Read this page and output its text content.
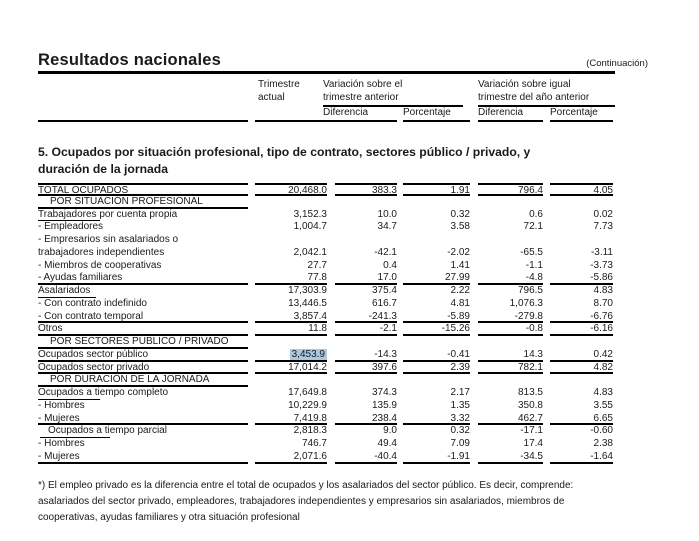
Resultados nacionales	(Continuación)
Trimestre
actual
Variación sobre el
trimestre anterior
Variación sobre igual
trimestre del año anterior
Diferencia	Porcentaje	Diferencia	Porcentaje
5. Ocupados por situación profesional, tipo de contrato, sectores público / privado, y
duración de la jornada
TOTAL OCUPADOS	20,468.0	383.3	1.91	796.4	4.05
POR SITUACIÓN PROFESIONAL
Trabajadores por cuenta propia	3,152.3	10.0	0.32	0.6	0.02
- Empleadores	1,004.7	34.7	3.58	72.1	7.73
- Empresarios sin asalariados o
trabajadores independientes	2,042.1	-42.1	-2.02	-65.5	-3.11
- Miembros de cooperativas	27.7	0.4	1.41	-1.1	-3.73
- Ayudas familiares	77.8	17.0	27.99	-4.8	-5.86
Asalariados	17,303.9	375.4	2.22	796.5	4.83
- Con contrato indefinido	13,446.5	616.7	4.81	1,076.3	8.70
- Con contrato temporal	3,857.4	-241.3	-5.89	-279.8	-6.76
Otros	11.8	-2.1	-15.26	-0.8	-6.16
POR SECTORES PÚBLICO / PRIVADO
Ocupados sector público	3,453.9	-14.3	-0.41	14.3	0.42
Ocupados sector privado	17,014.2	397.6	2.39	782.1	4.82
POR DURACIÓN DE LA JORNADA
Ocupados a tiempo completo	17,649.8	374.3	2.17	813.5	4.83
- Hombres	10,229.9	135.9	1.35	350.8	3.55
- Mujeres	7,419.8	238.4	3.32	462.7	6.65
Ocupados a tiempo parcial	2,818.3	9.0	0.32	-17.1	-0.60
- Hombres	746.7	49.4	7.09	17.4	2.38
- Mujeres	2,071.6	-40.4	-1.91	-34.5	-1.64
*) El empleo privado es la diferencia entre el total de ocupados y los asalariados del sector público. Es decir, comprende:
asalariados del sector privado, empleadores, trabajadores independientes y empresarios sin asalariados, miembros de
cooperativas, ayudas familiares y otra situación profesional
